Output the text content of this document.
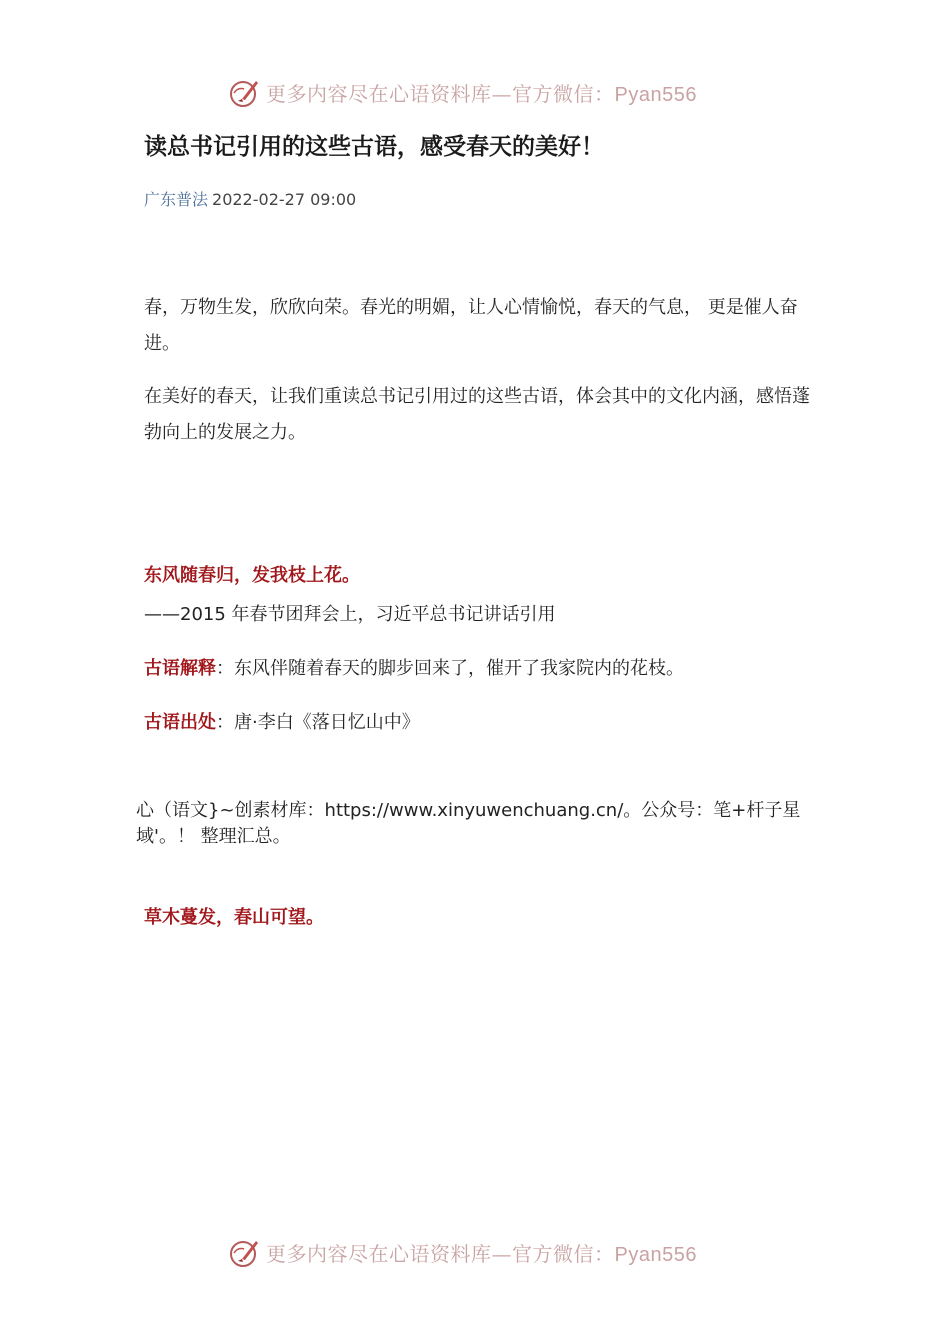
更多内容尽在心语资料库—官方微信：Pyan556
读总书记引用的这些古语，感受春天的美好！
广东普法 2022-02-27 09:00
春，万物生发，欣欣向荣。春光的明媚，让人心情愉悦，春天的气息， 更是催人奋进。
在美好的春天，让我们重读总书记引用过的这些古语，体会其中的文化内涵，感悟蓬勃向上的发展之力。
东风随春归，发我枝上花。
——2015 年春节团拜会上，习近平总书记讲话引用
古语解释：东风伴随着春天的脚步回来了，催开了我家院内的花枝。
古语出处：唐·李白《落日忆山中》
心（语文}~创素材库：https://www.xinyuwenchuang.cn/。公众号：笔+杆子星域'。！ 整理汇总。
草木蔓发，春山可望。
更多内容尽在心语资料库—官方微信：Pyan556
